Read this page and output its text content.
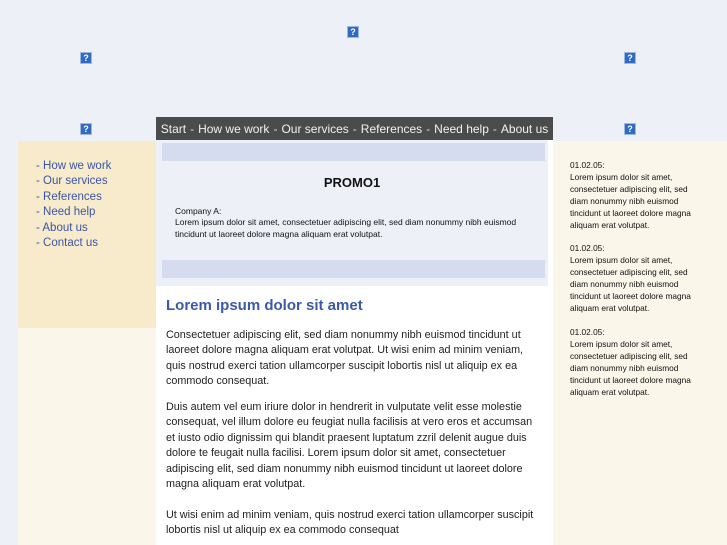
?
?	?
?	?
Start - How we work - Our services - References - Need help - About us
- How we work
- Our services
- References
- Need help
- About us
- Contact us
PROMO1
Company A:
Lorem ipsum dolor sit amet, consectetuer adipiscing elit, sed diam nonummy nibh euismod tincidunt ut laoreet dolore magna aliquam erat volutpat.
Lorem ipsum dolor sit amet

Consectetuer adipiscing elit, sed diam nonummy nibh euismod tincidunt ut laoreet dolore magna aliquam erat volutpat. Ut wisi enim ad minim veniam, quis nostrud exerci tation ullamcorper suscipit lobortis nisl ut aliquip ex ea commodo consequat.

Duis autem vel eum iriure dolor in hendrerit in vulputate velit esse molestie consequat, vel illum dolore eu feugiat nulla facilisis at vero eros et accumsan et iusto odio dignissim qui blandit praesent luptatum zzril delenit augue duis dolore te feugait nulla facilisi. Lorem ipsum dolor sit amet, consectetuer adipiscing elit, sed diam nonummy nibh euismod tincidunt ut laoreet dolore magna aliquam erat volutpat.

Ut wisi enim ad minim veniam, quis nostrud exerci tation ullamcorper suscipit lobortis nisl ut aliquip ex ea commodo consequat

01.02.05:
Lorem ipsum dolor sit amet, consectetuer adipiscing elit, sed diam nonummy nibh euismod tincidunt ut laoreet dolore magna aliquam erat volutpat.
01.02.05:
Lorem ipsum dolor sit amet, consectetuer adipiscing elit, sed diam nonummy nibh euismod tincidunt ut laoreet dolore magna aliquam erat volutpat.
01.02.05:
Lorem ipsum dolor sit amet, consectetuer adipiscing elit, sed diam nonummy nibh euismod tincidunt ut laoreet dolore magna aliquam erat volutpat.
